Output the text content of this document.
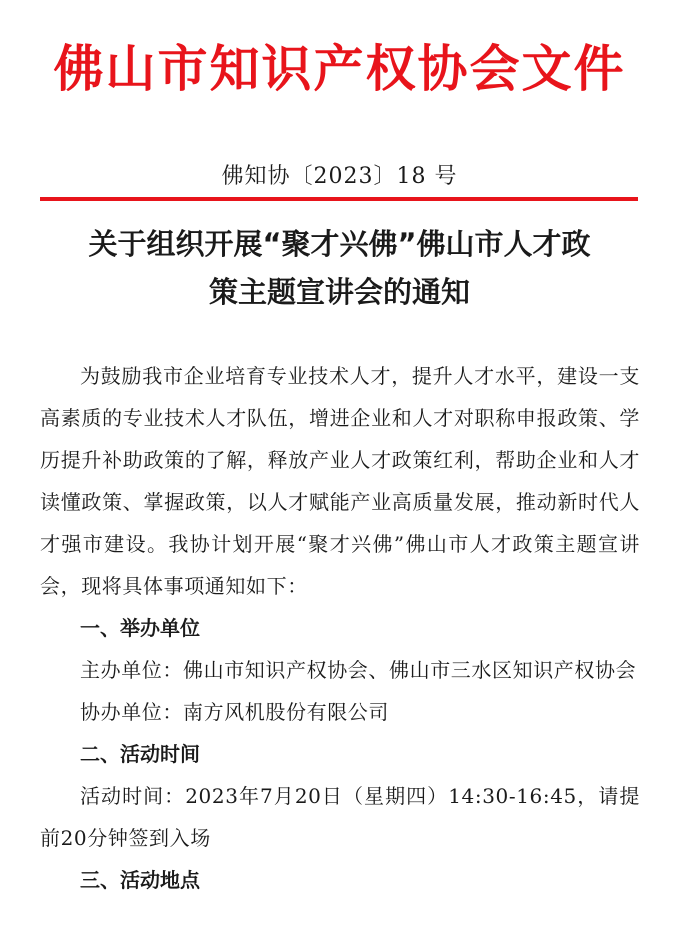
佛山市知识产权协会文件
佛知协〔2023〕18 号
关于组织开展“聚才兴佛”佛山市人才政
策主题宣讲会的通知

为鼓励我市企业培育专业技术人才，提升人才水平，建设一支高素质的专业技术人才队伍，增进企业和人才对职称申报政策、学历提升补助政策的了解，释放产业人才政策红利，帮助企业和人才读懂政策、掌握政策，以人才赋能产业高质量发展，推动新时代人才强市建设。我协计划开展“聚才兴佛”佛山市人才政策主题宣讲会，现将具体事项通知如下：

一、举办单位

主办单位：佛山市知识产权协会、佛山市三水区知识产权协会

协办单位：南方风机股份有限公司

二、活动时间

活动时间：2023年7月20日（星期四）14:30-16:45，请提前20分钟签到入场

三、活动地点
